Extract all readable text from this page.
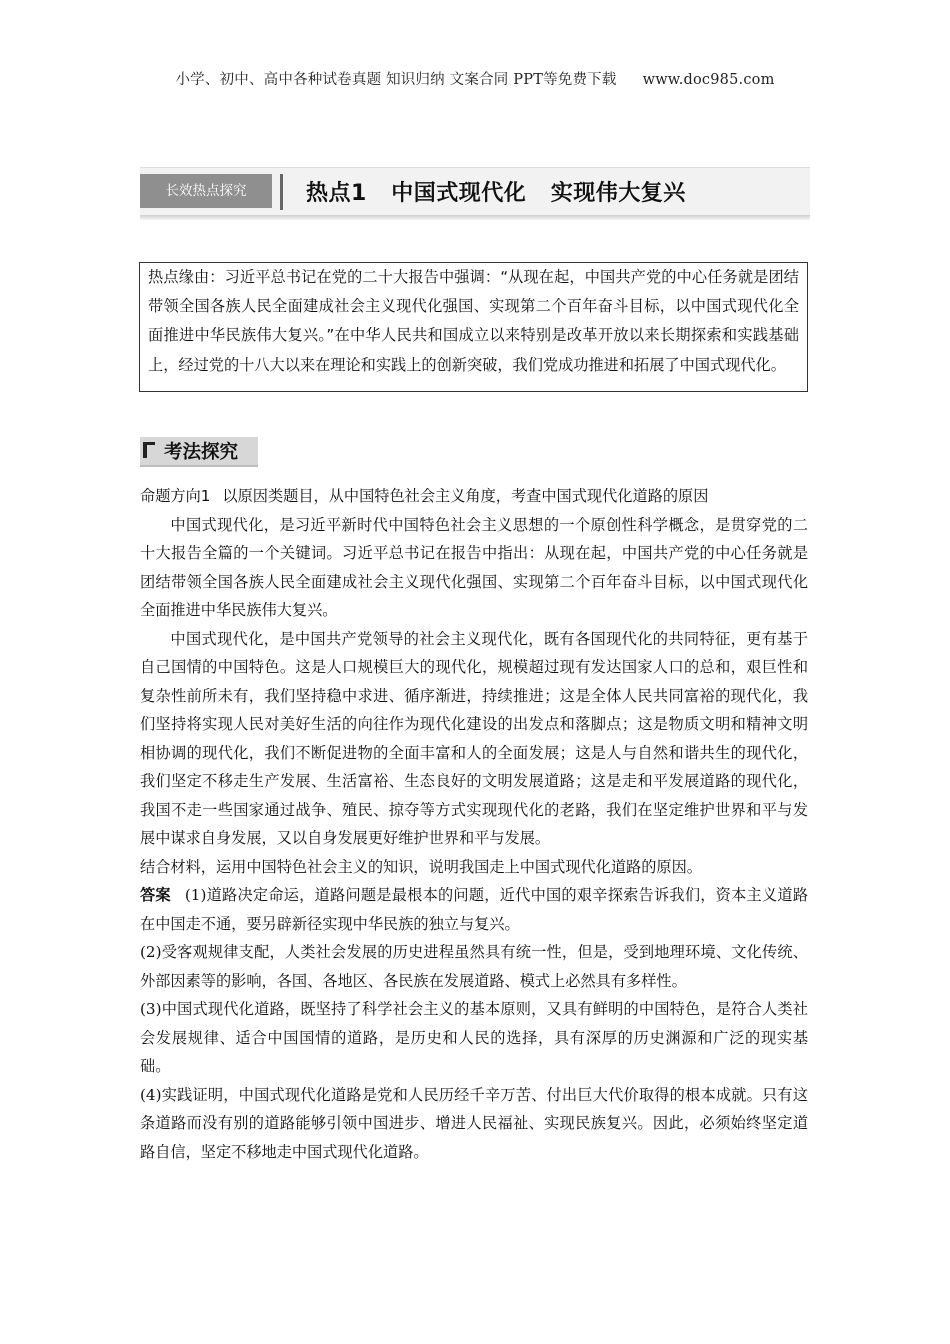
小学、初中、高中各种试卷真题 知识归纳 文案合同 PPT等免费下载 www.doc985.com
长效热点探究	热点1   中国式现代化   实现伟大复兴
热点缘由：习近平总书记在党的二十大报告中强调：“从现在起，中国共产党的中心任务就是团结带领全国各族人民全面建成社会主义现代化强国、实现第二个百年奋斗目标，以中国式现代化全面推进中华民族伟大复兴。”在中华人民共和国成立以来特别是改革开放以来长期探索和实践基础上，经过党的十八大以来在理论和实践上的创新突破，我们党成功推进和拓展了中国式现代化。
考法探究

命题方向1 以原因类题目，从中国特色社会主义角度，考查中国式现代化道路的原因

中国式现代化，是习近平新时代中国特色社会主义思想的一个原创性科学概念，是贯穿党的二十大报告全篇的一个关键词。习近平总书记在报告中指出：从现在起，中国共产党的中心任务就是团结带领全国各族人民全面建成社会主义现代化强国、实现第二个百年奋斗目标，以中国式现代化全面推进中华民族伟大复兴。

中国式现代化，是中国共产党领导的社会主义现代化，既有各国现代化的共同特征，更有基于自己国情的中国特色。这是人口规模巨大的现代化，规模超过现有发达国家人口的总和，艰巨性和复杂性前所未有，我们坚持稳中求进、循序渐进，持续推进；这是全体人民共同富裕的现代化，我们坚持将实现人民对美好生活的向往作为现代化建设的出发点和落脚点；这是物质文明和精神文明相协调的现代化，我们不断促进物的全面丰富和人的全面发展；这是人与自然和谐共生的现代化，我们坚定不移走生产发展、生活富裕、生态良好的文明发展道路；这是走和平发展道路的现代化，我国不走一些国家通过战争、殖民、掠夺等方式实现现代化的老路，我们在坚定维护世界和平与发展中谋求自身发展，又以自身发展更好维护世界和平与发展。

结合材料，运用中国特色社会主义的知识，说明我国走上中国式现代化道路的原因。

答案 (1)道路决定命运，道路问题是最根本的问题，近代中国的艰辛探索告诉我们，资本主义道路在中国走不通，要另辟新径实现中华民族的独立与复兴。

(2)受客观规律支配，人类社会发展的历史进程虽然具有统一性，但是，受到地理环境、文化传统、外部因素等的影响，各国、各地区、各民族在发展道路、模式上必然具有多样性。

(3)中国式现代化道路，既坚持了科学社会主义的基本原则，又具有鲜明的中国特色，是符合人类社会发展规律、适合中国国情的道路，是历史和人民的选择，具有深厚的历史渊源和广泛的现实基础。

(4)实践证明，中国式现代化道路是党和人民历经千辛万苦、付出巨大代价取得的根本成就。只有这条道路而没有别的道路能够引领中国进步、增进人民福祉、实现民族复兴。因此，必须始终坚定道路自信，坚定不移地走中国式现代化道路。
